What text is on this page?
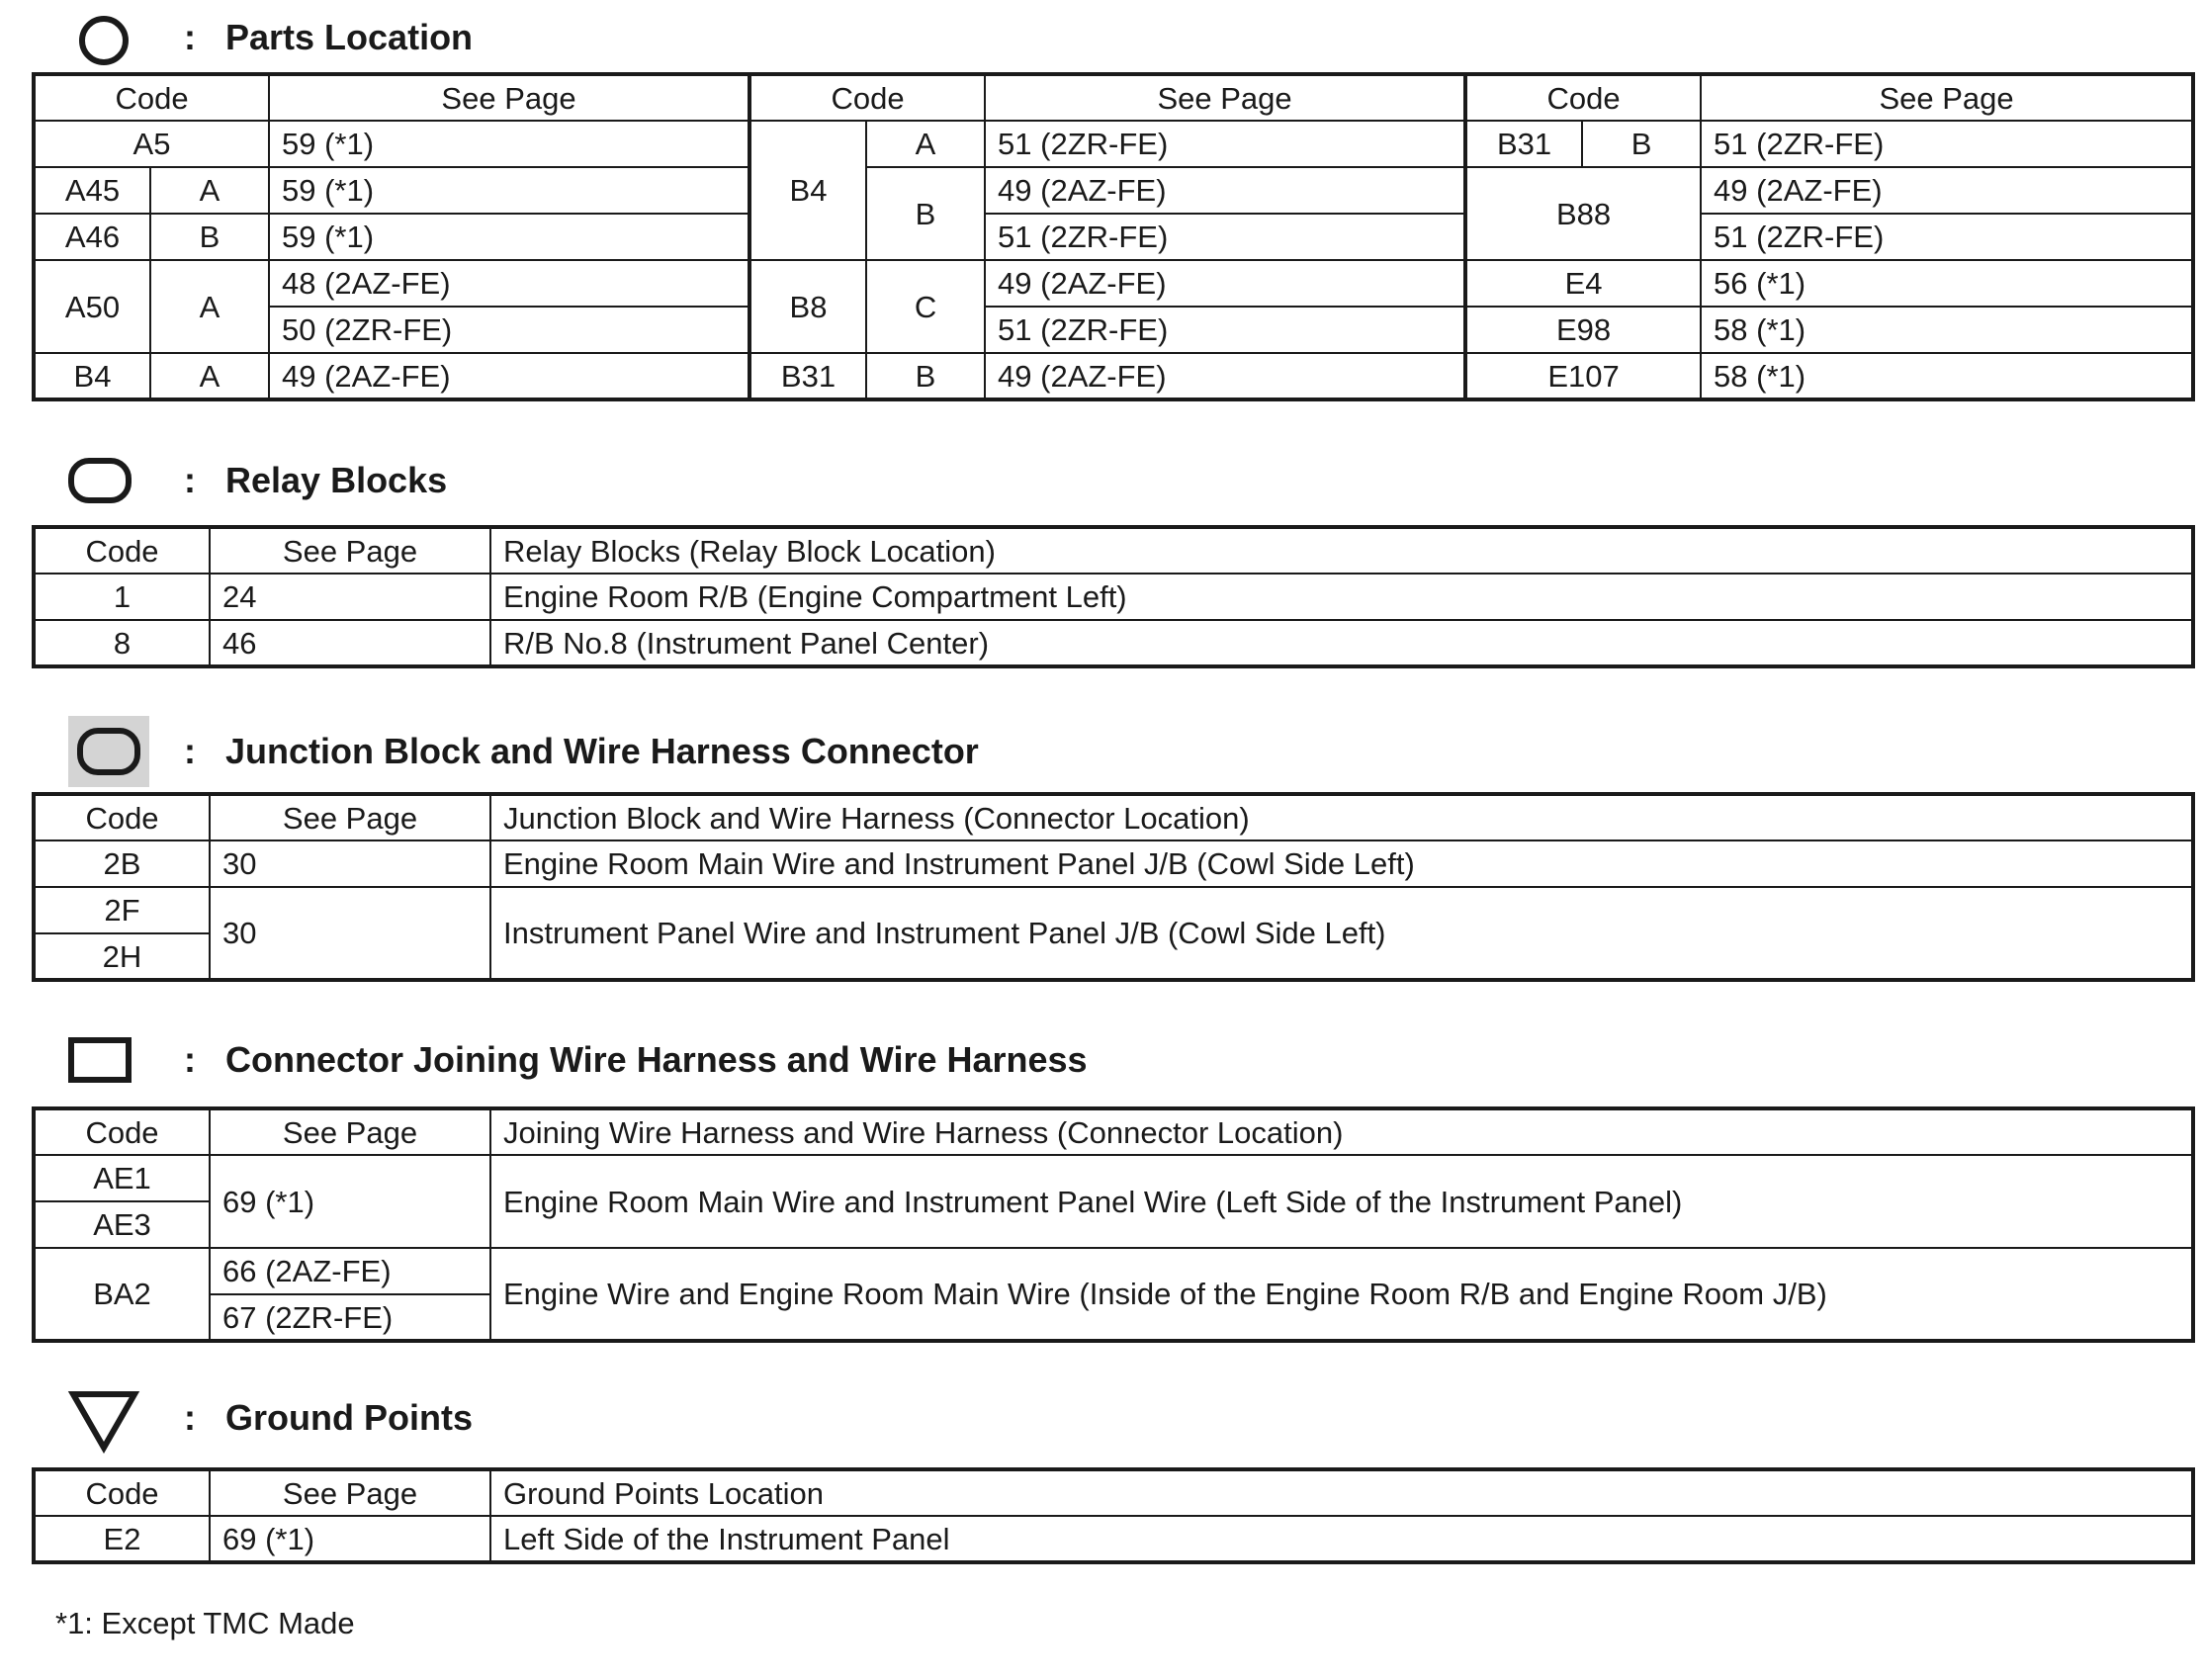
: Parts Location
Code		See Page	Code		See Page	Code		See Page
A5		59 (*1)	B4	A	51 (2ZR-FE)	B31	B	51 (2ZR-FE)
A45	A	59 (*1)		B	49 (2AZ-FE)	B88		49 (2AZ-FE)
A46	B	59 (*1)			51 (2ZR-FE)			51 (2ZR-FE)
A50	A	48 (2AZ-FE)	B8	C	49 (2AZ-FE)	E4		56 (*1)
		50 (2ZR-FE)			51 (2ZR-FE)	E98		58 (*1)
B4	A	49 (2AZ-FE)	B31	B	49 (2AZ-FE)	E107		58 (*1)
: Relay Blocks
Code	See Page	Relay Blocks (Relay Block Location)
1	24	Engine Room R/B (Engine Compartment Left)
8	46	R/B No.8 (Instrument Panel Center)
: Junction Block and Wire Harness Connector
Code	See Page	Junction Block and Wire Harness (Connector Location)
2B	30	Engine Room Main Wire and Instrument Panel J/B (Cowl Side Left)
2F	30	Instrument Panel Wire and Instrument Panel J/B (Cowl Side Left)
2H		
: Connector Joining Wire Harness and Wire Harness
Code	See Page	Joining Wire Harness and Wire Harness (Connector Location)
AE1	69 (*1)	Engine Room Main Wire and Instrument Panel Wire (Left Side of the Instrument Panel)
AE3		
BA2	66 (2AZ-FE)	Engine Wire and Engine Room Main Wire (Inside of the Engine Room R/B and Engine Room J/B)
	67 (2ZR-FE)	
: Ground Points
Code	See Page	Ground Points Location
E2	69 (*1)	Left Side of the Instrument Panel
*1: Except TMC Made
